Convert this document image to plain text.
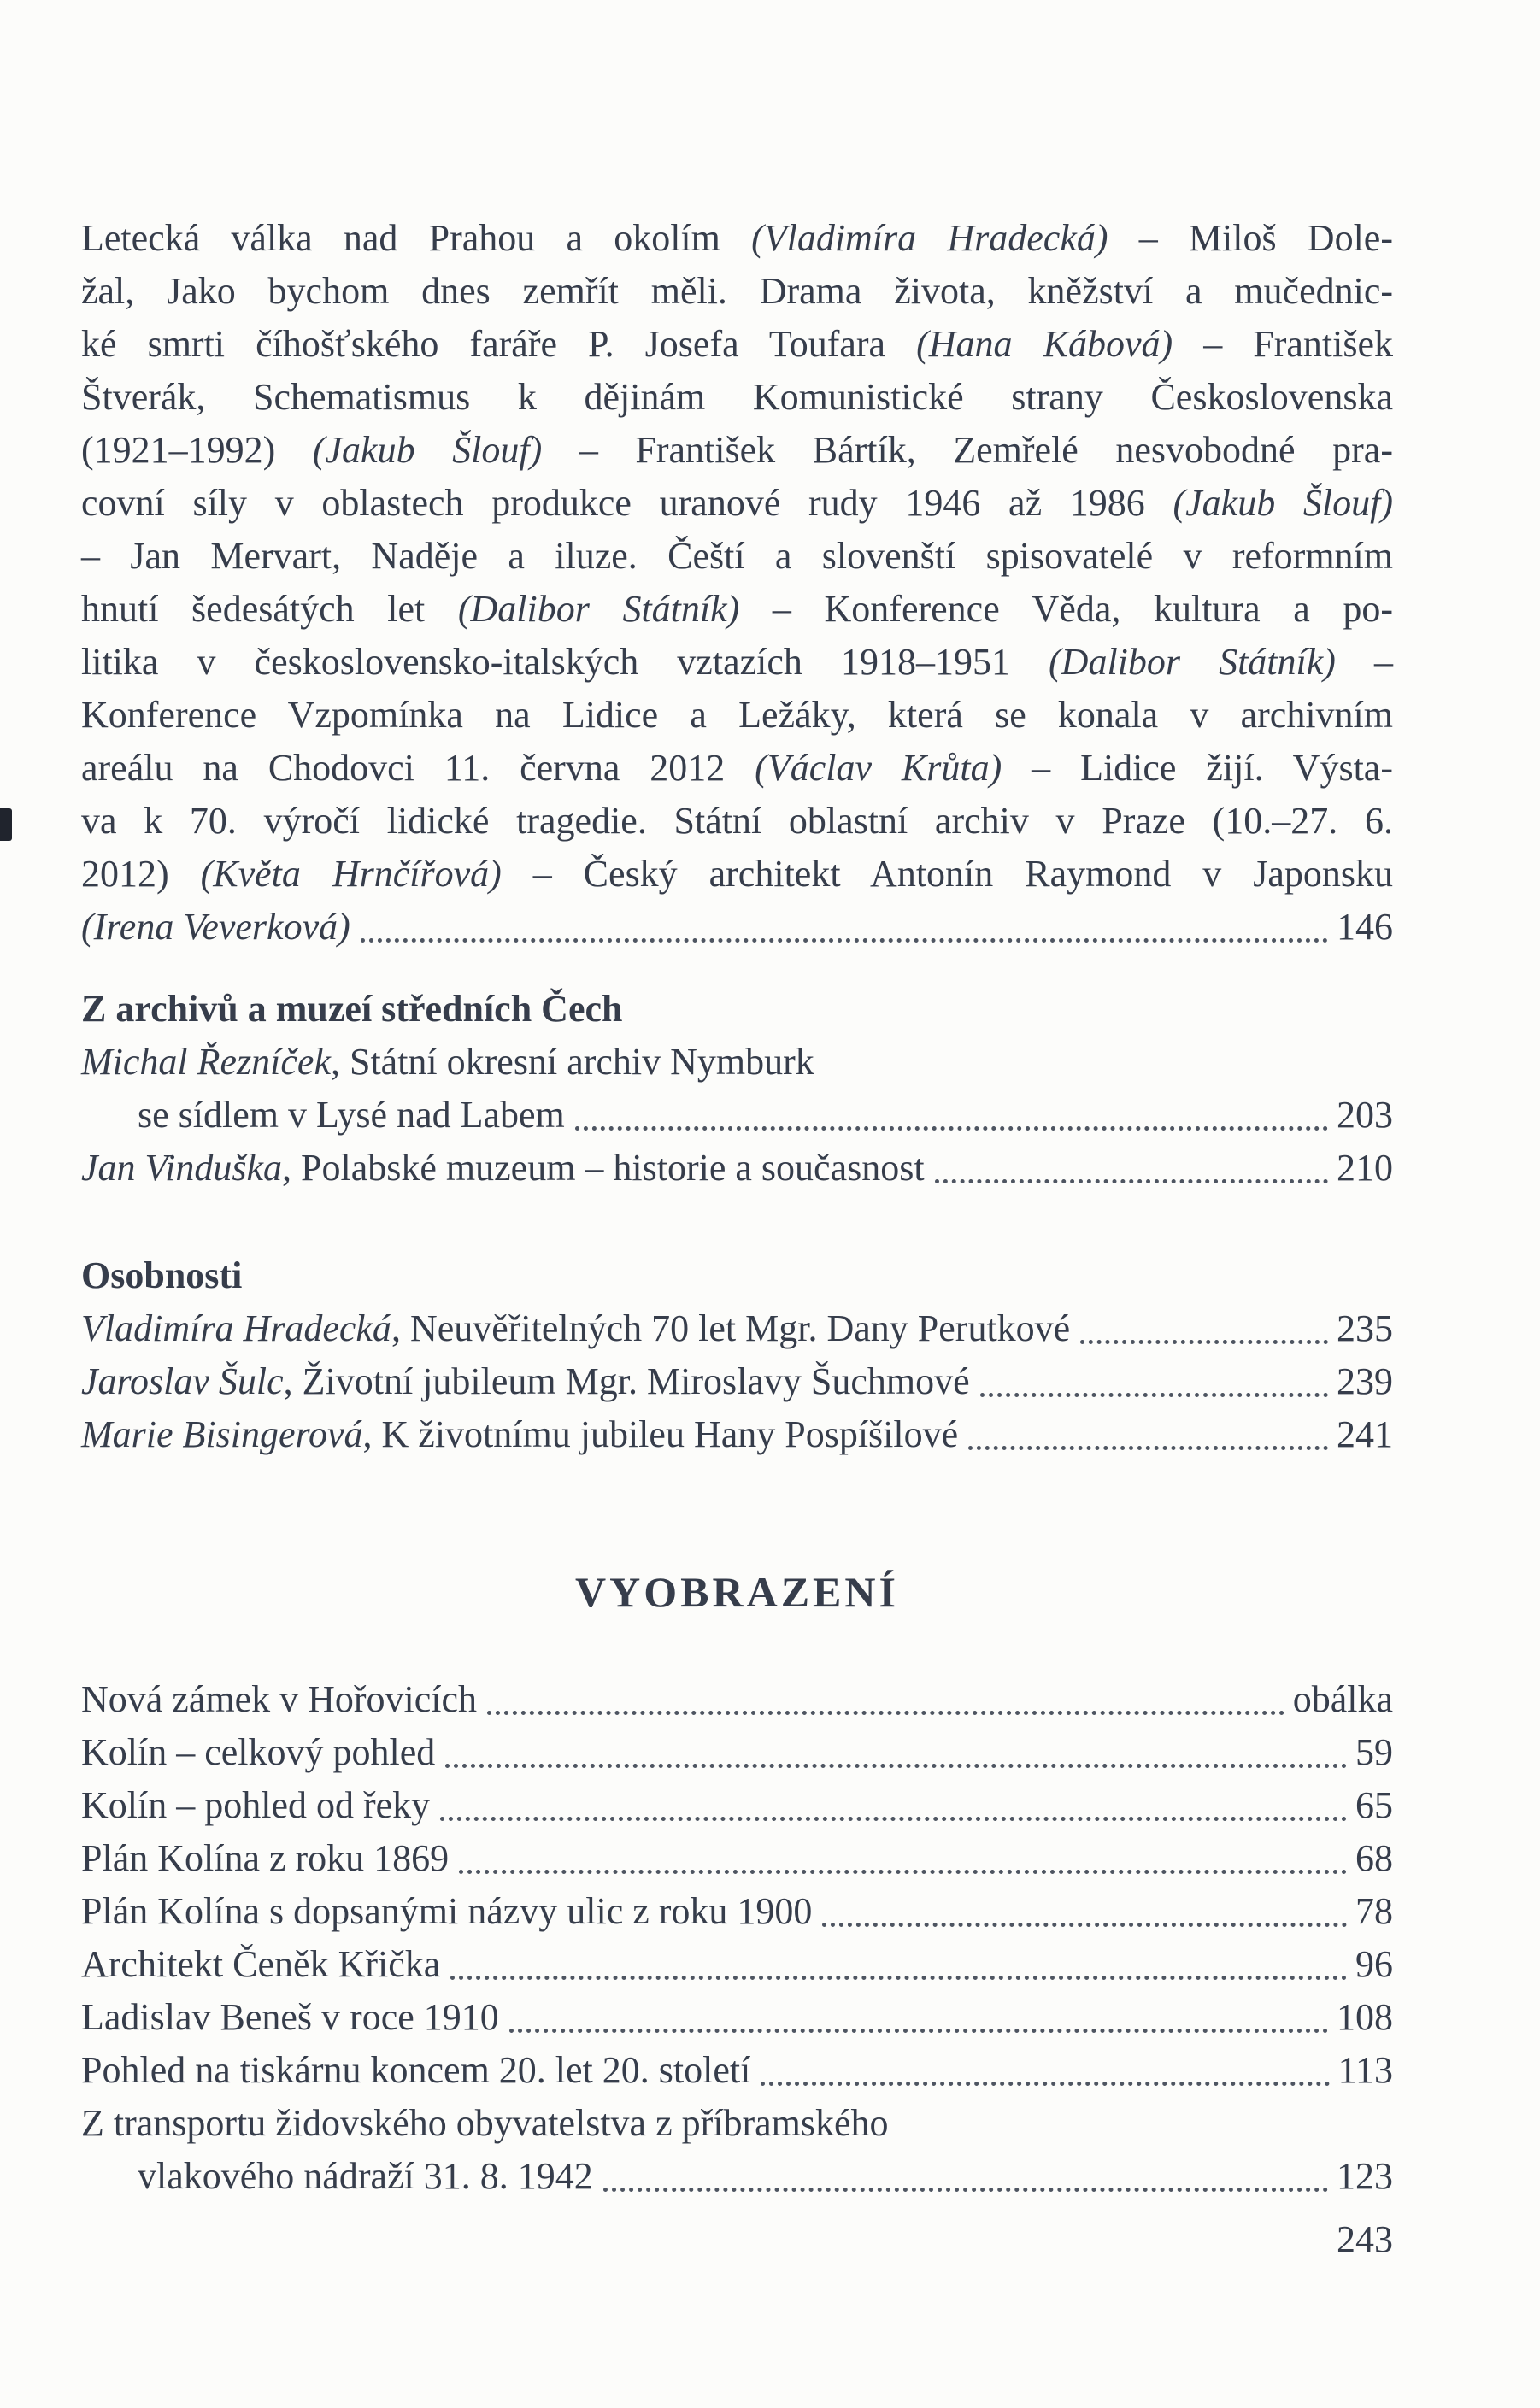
Letecká válka nad Prahou a okolím (Vladimíra Hradecká) – Miloš Dole-
žal, Jako bychom dnes zemřít měli. Drama života, kněžství a mučednic-
ké smrti číhošťského faráře P. Josefa Toufara (Hana Kábová) – František
Štverák, Schematismus k dějinám Komunistické strany Československa
(1921–1992) (Jakub Šlouf) – František Bártík, Zemřelé nesvobodné pra-
covní síly v oblastech produkce uranové rudy 1946 až 1986 (Jakub Šlouf)
– Jan Mervart, Naděje a iluze. Čeští a slovenští spisovatelé v reformním
hnutí šedesátých let (Dalibor Státník) – Konference Věda, kultura a po-
litika v československo-italských vztazích 1918–1951 (Dalibor Státník) –
Konference Vzpomínka na Lidice a Ležáky, která se konala v archivním
areálu na Chodovci 11. června 2012 (Václav Krůta) – Lidice žijí. Výsta-
va k 70. výročí lidické tragedie. Státní oblastní archiv v Praze (10.–27. 6.
2012) (Květa Hrnčířová) – Český architekt Antonín Raymond v Japonsku
(Irena Veverková)	146
Z archivů a muzeí středních Čech
Michal Řezníček, Státní okresní archiv Nymburk
se sídlem v Lysé nad Labem	203
Jan Vinduška, Polabské muzeum – historie a současnost	210
Osobnosti
Vladimíra Hradecká, Neuvěřitelných 70 let Mgr. Dany Perutkové	235
Jaroslav Šulc, Životní jubileum Mgr. Miroslavy Šuchmové	239
Marie Bisingerová, K životnímu jubileu Hany Pospíšilové	241
VYOBRAZENÍ
Nová zámek v Hořovicích	obálka
Kolín – celkový pohled	59
Kolín – pohled od řeky	65
Plán Kolína z roku 1869	68
Plán Kolína s dopsanými názvy ulic z roku 1900	78
Architekt Čeněk Křička	96
Ladislav Beneš v roce 1910	108
Pohled na tiskárnu koncem 20. let 20. století	113
Z transportu židovského obyvatelstva z příbramského
vlakového nádraží 31. 8. 1942	123
243
